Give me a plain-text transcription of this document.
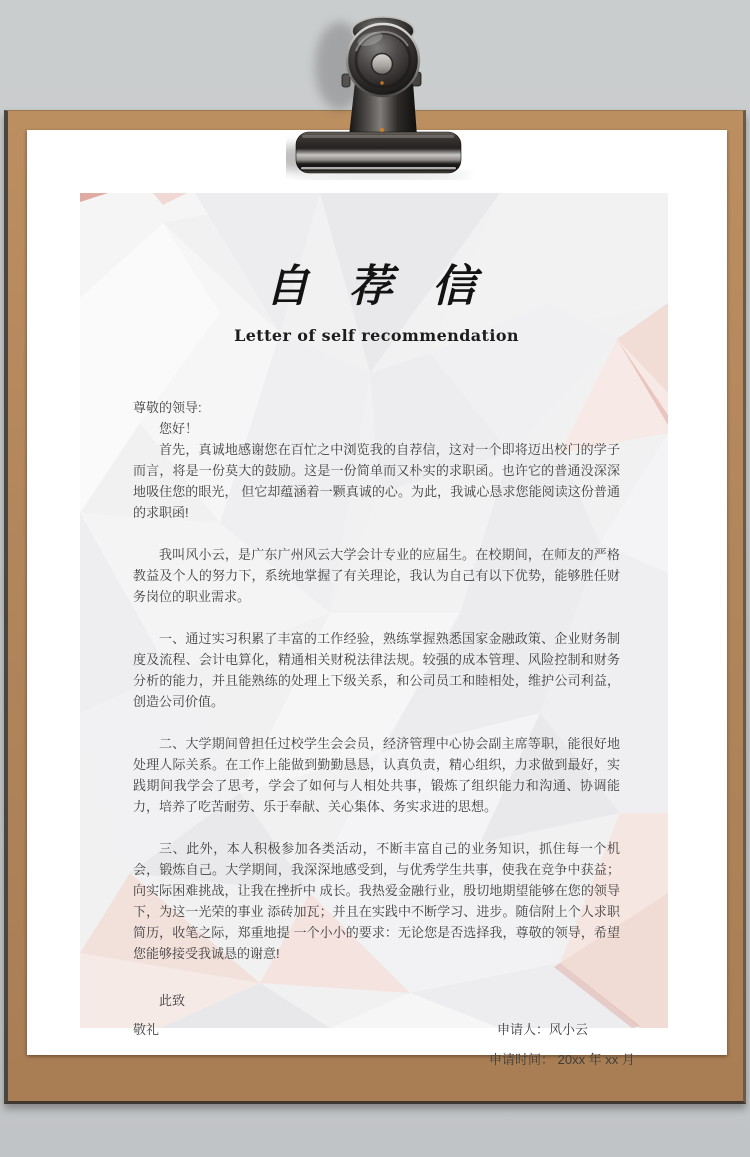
自 荐 信
Letter of self recommendation

尊敬的领导:

您好！

首先，真诚地感谢您在百忙之中浏览我的自荐信，这对一个即将迈出校门的学子而言，将是一份莫大的鼓励。这是一份简单而又朴实的求职函。也许它的普通没深深地吸住您的眼光， 但它却蕴涵着一颗真诚的心。为此，我诚心恳求您能阅读这份普通的求职函!

我叫风小云，是广东广州风云大学会计专业的应届生。在校期间，在师友的严格 教益及个人的努力下，系统地掌握了有关理论，我认为自己有以下优势，能够胜任财务岗位的职业需求。

一、通过实习积累了丰富的工作经验，熟练掌握熟悉国家金融政策、企业财务制度及流程、会计电算化，精通相关财税法律法规。较强的成本管理、风险控制和财务分析的能力，并且能熟练的处理上下级关系，和公司员工和睦相处，维护公司利益，创造公司价值。

二、大学期间曾担任过校学生会会员，经济管理中心协会副主席等职，能很好地处理人际关系。在工作上能做到勤勤恳恳，认真负责，精心组织，力求做到最好，实践期间我学会了思考，学会了如何与人相处共事，锻炼了组织能力和沟通、协调能力，培养了吃苦耐劳、乐于奉献、关心集体、务实求进的思想。

三、此外，本人积极参加各类活动，不断丰富自己的业务知识，抓住每一个机会，锻炼自己。大学期间，我深深地感受到，与优秀学生共事，使我在竞争中获益；向实际困难挑战，让我在挫折中 成长。我热爱金融行业，殷切地期望能够在您的领导下，为这一光荣的事业 添砖加瓦；并且在实践中不断学习、进步。随信附上个人求职简历，收笔之际，郑重地提 一个小小的要求：无论您是否选择我，尊敬的领导，希望您能够接受我诚恳的谢意!

此致

敬礼	申请人：风小云
申请时间： 20xx 年 xx 月
